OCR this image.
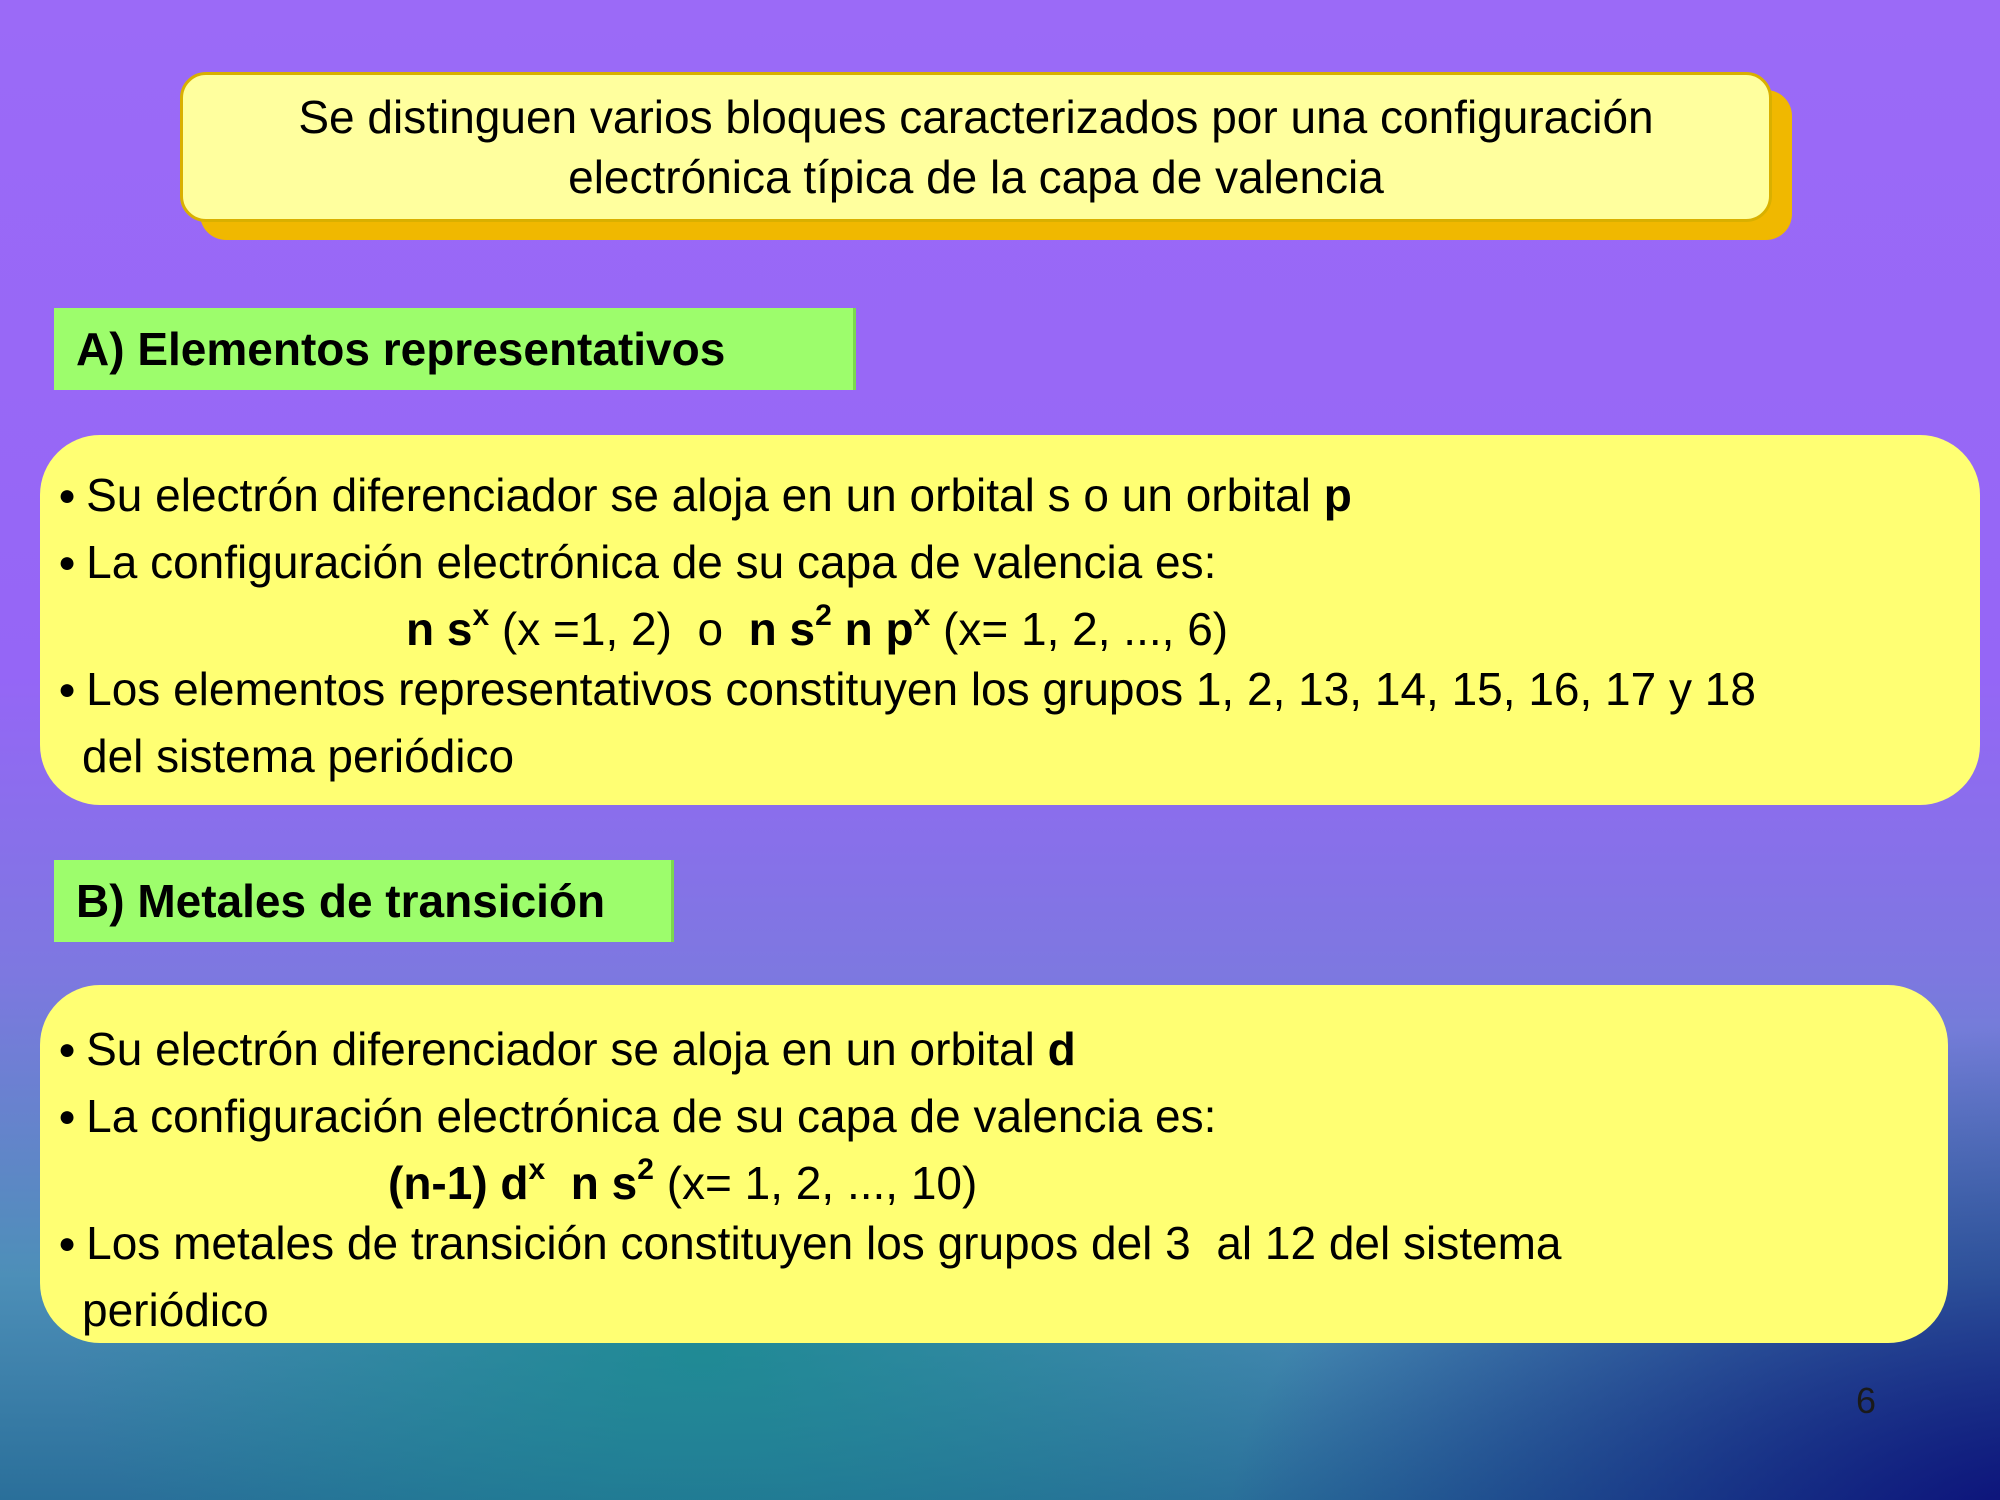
Se distinguen varios bloques caracterizados por una configuración
electrónica típica de la capa de valencia
A) Elementos representativos
● Su electrón diferenciador se aloja en un orbital s o un orbital p
● La configuración electrónica de su capa de valencia es:
n $s^x$ (x =1, 2)  o  n $s^2$ n $p^x$ (x= 1, 2, ..., 6)
● Los elementos representativos constituyen los grupos 1, 2, 13, 14, 15, 16, 17 y 18
del sistema periódico
B) Metales de transición
● Su electrón diferenciador se aloja en un orbital d
● La configuración electrónica de su capa de valencia es:
(n-1) $d^x$  n $s^2$ (x= 1, 2, ..., 10)
● Los metales de transición constituyen los grupos del 3  al 12 del sistema
periódico
6
